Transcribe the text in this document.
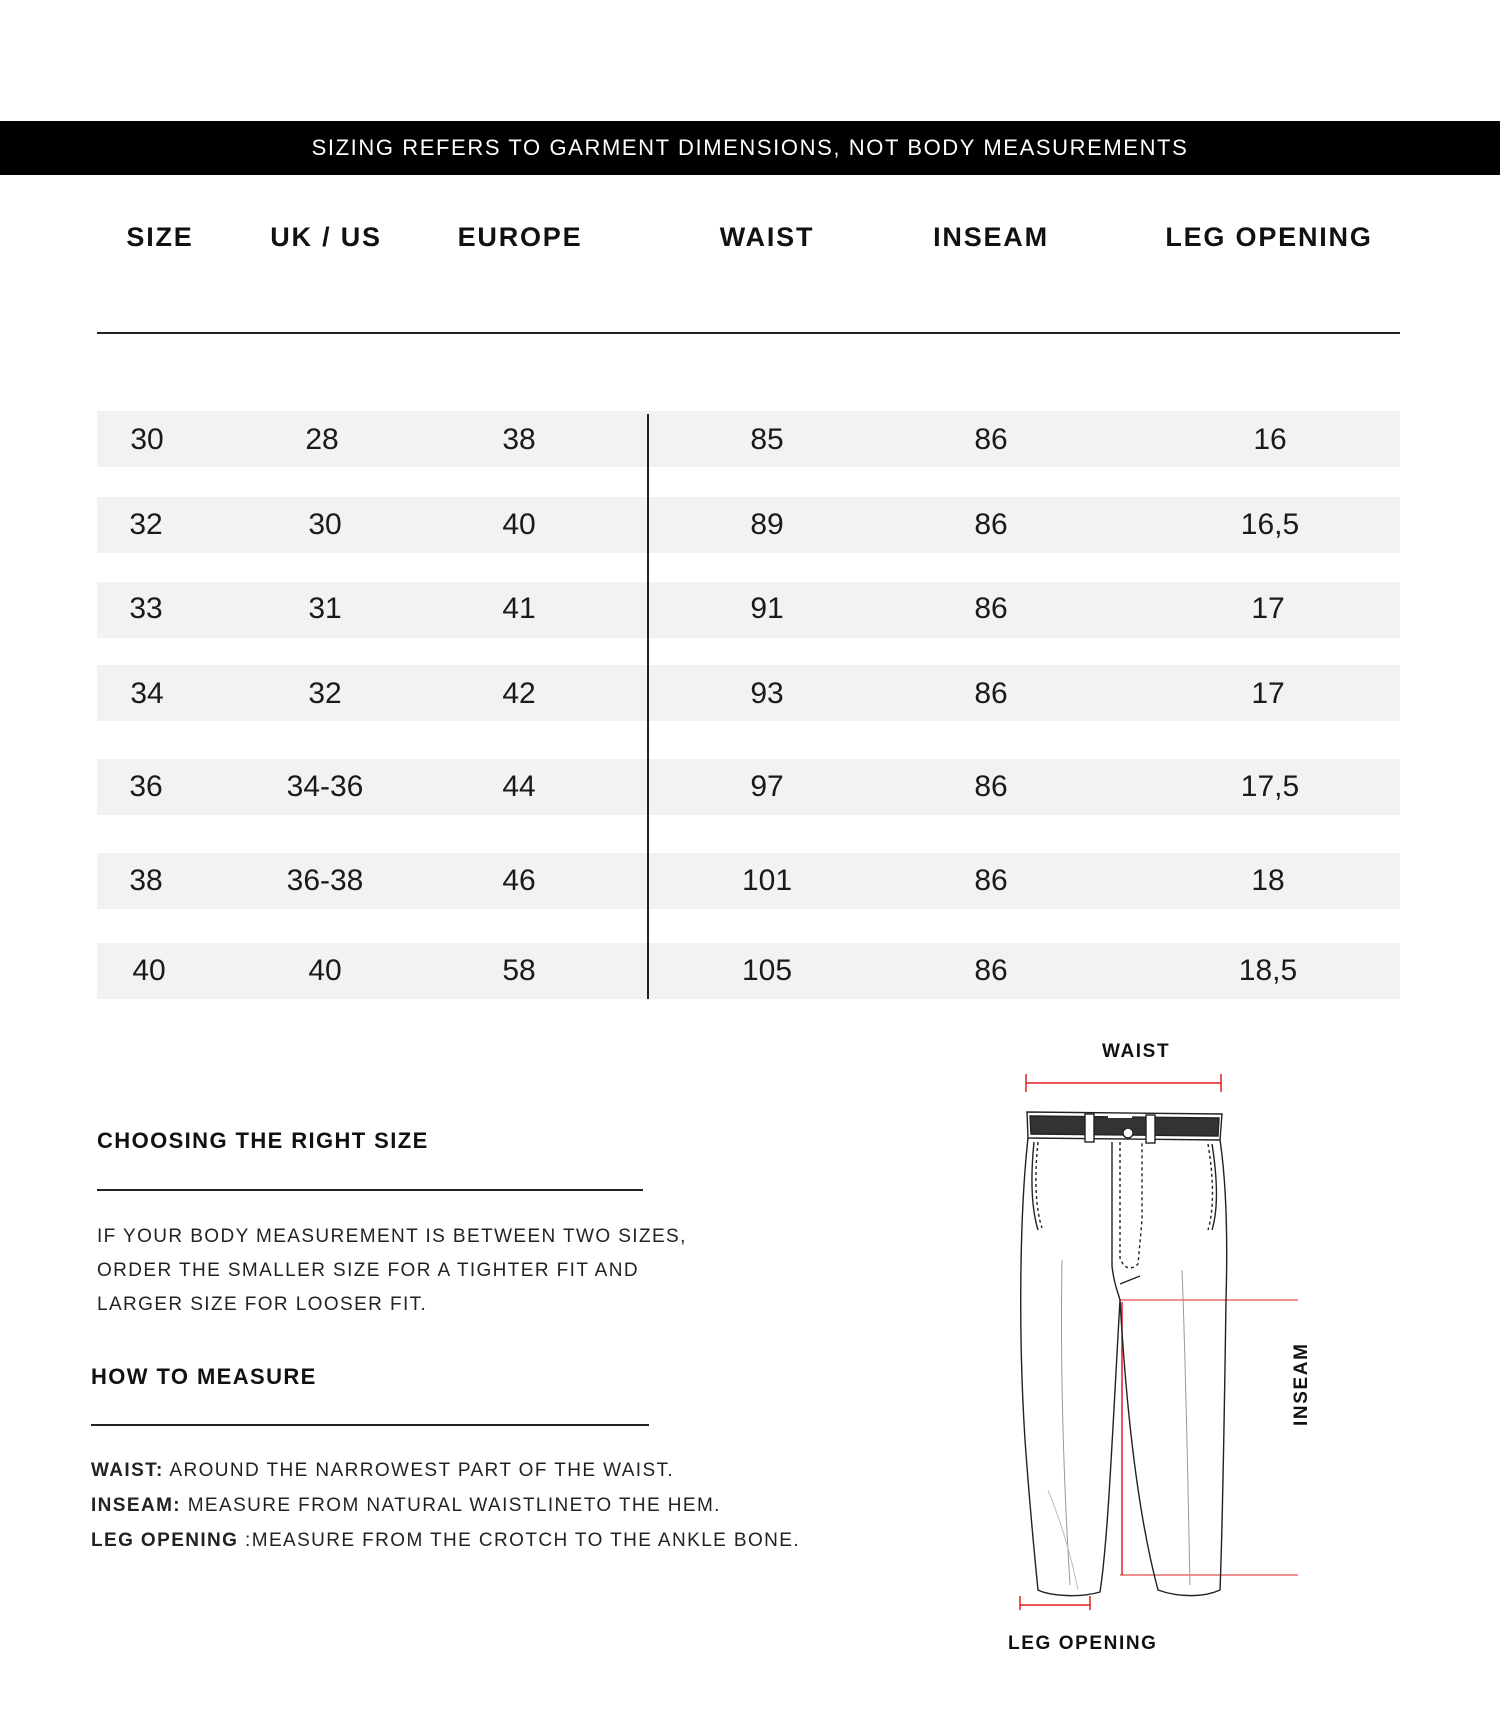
SIZING REFERS TO GARMENT DIMENSIONS, NOT BODY MEASUREMENTS
SIZE	UK / US	EUROPE	WAIST	INSEAM	LEG OPENING
30	28	38	85	86	16
32	30	40	89	86	16,5
33	31	41	91	86	17
34	32	42	93	86	17
36	34-36	44	97	86	17,5
38	36-38	46	101	86	18
40	40	58	105	86	18,5
CHOOSING THE RIGHT SIZE
IF YOUR BODY MEASUREMENT IS BETWEEN TWO SIZES,
ORDER THE SMALLER SIZE FOR A TIGHTER FIT AND
LARGER SIZE FOR LOOSER FIT.
HOW TO MEASURE
WAIST: AROUND THE NARROWEST PART OF THE WAIST.
INSEAM: MEASURE FROM NATURAL WAISTLINETO THE HEM.
LEG OPENING :MEASURE FROM THE CROTCH TO THE ANKLE BONE.
WAIST
INSEAM
LEG OPENING
